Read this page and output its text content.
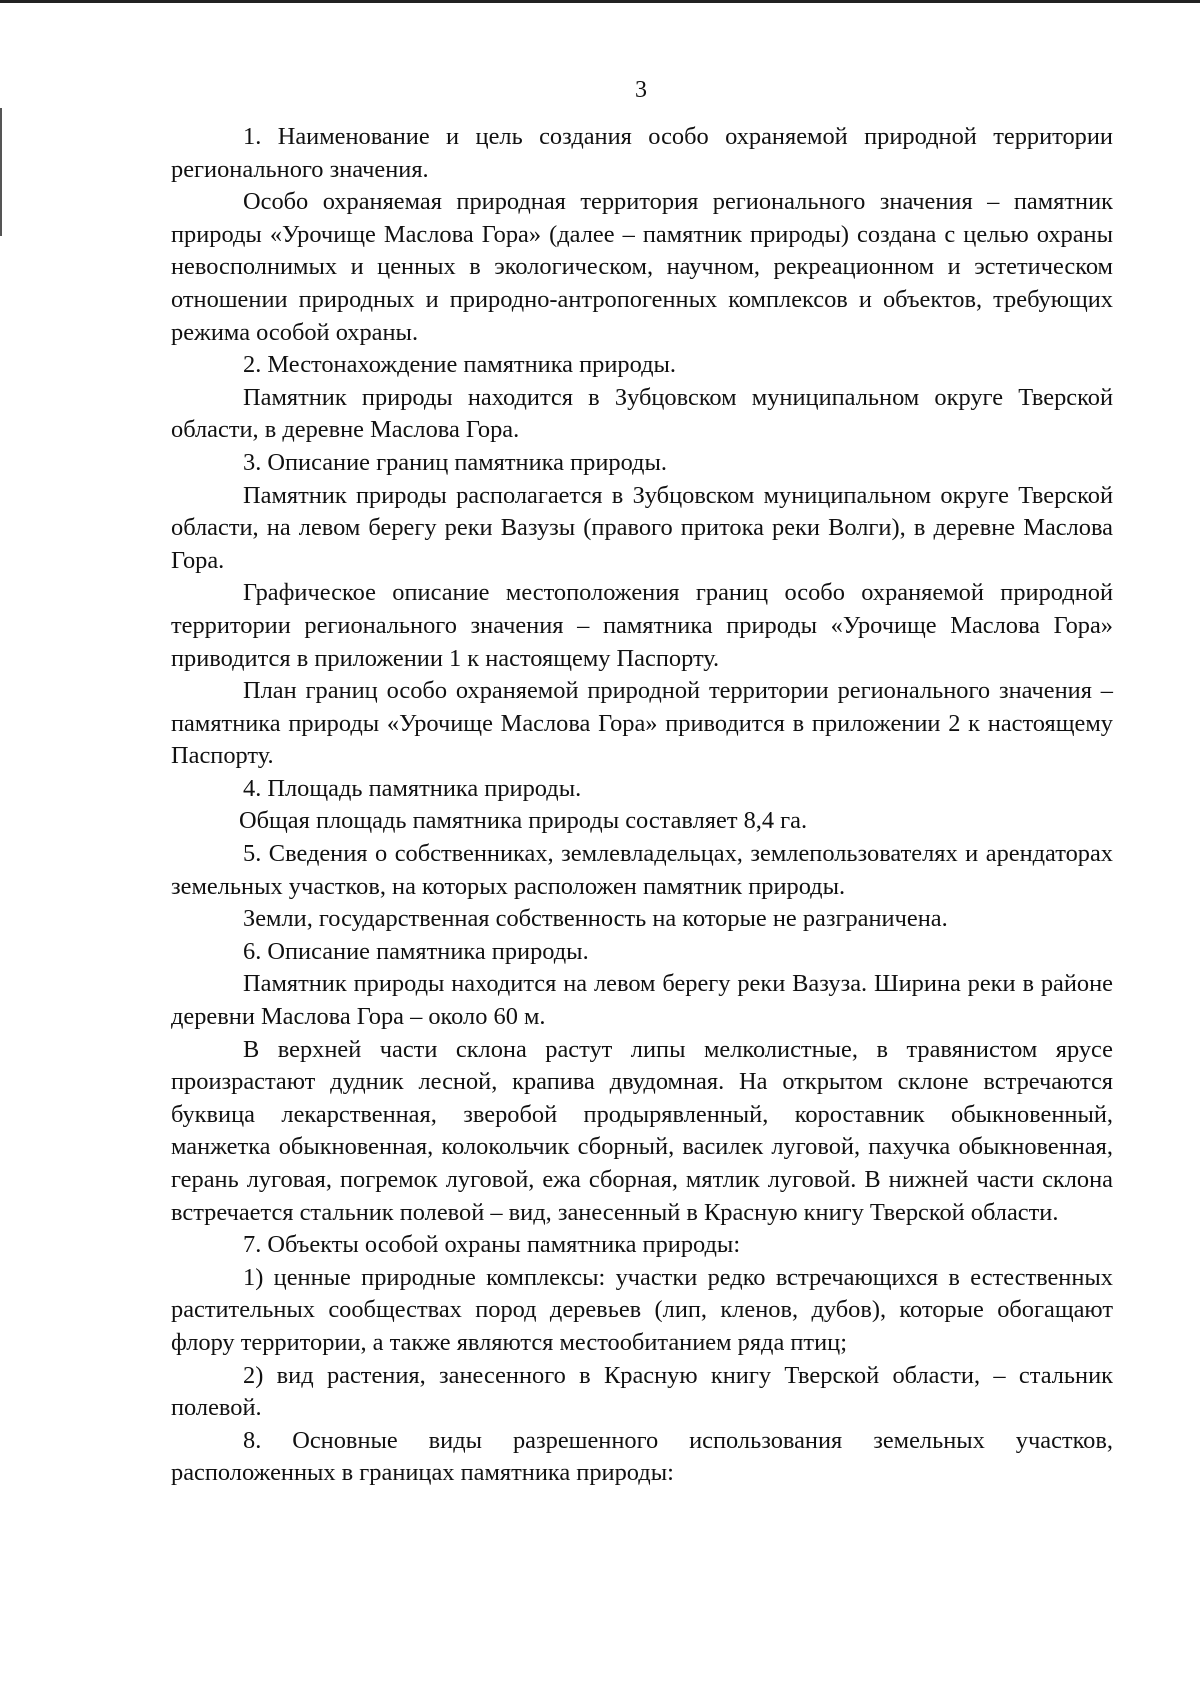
3

1. Наименование и цель создания особо охраняемой природной территории регионального значения.

Особо охраняемая природная территория регионального значения – памятник природы «Урочище Маслова Гора» (далее – памятник природы) создана с целью охраны невосполнимых и ценных в экологическом, научном, рекреационном и эстетическом отношении природных и природно-антропогенных комплексов и объектов, требующих режима особой охраны.

2. Местонахождение памятника природы.

Памятник природы находится в Зубцовском муниципальном округе Тверской области, в деревне Маслова Гора.

3. Описание границ памятника природы.

Памятник природы располагается в Зубцовском муниципальном округе Тверской области, на левом берегу реки Вазузы (правого притока реки Волги), в деревне Маслова Гора.

Графическое описание местоположения границ особо охраняемой природной территории регионального значения – памятника природы «Урочище Маслова Гора» приводится в приложении 1 к настоящему Паспорту.

План границ особо охраняемой природной территории регионального значения – памятника природы «Урочище Маслова Гора» приводится в приложении 2 к настоящему Паспорту.

4. Площадь памятника природы.

Общая площадь памятника природы составляет 8,4 га.

5. Сведения о собственниках, землевладельцах, землепользователях и арендаторах земельных участков, на которых расположен памятник природы.

Земли, государственная собственность на которые не разграничена.

6. Описание памятника природы.

Памятник природы находится на левом берегу реки Вазуза. Ширина реки в районе деревни Маслова Гора – около 60 м.

В верхней части склона растут липы мелколистные, в травянистом ярусе произрастают дудник лесной, крапива двудомная. На открытом склоне встречаются буквица лекарственная, зверобой продырявленный, короставник обыкновенный, манжетка обыкновенная, колокольчик сборный, василек луговой, пахучка обыкновенная, герань луговая, погремок луговой, ежа сборная, мятлик луговой. В нижней части склона встречается стальник полевой – вид, занесенный в Красную книгу Тверской области.

7. Объекты особой охраны памятника природы:

1) ценные природные комплексы: участки редко встречающихся в естественных растительных сообществах пород деревьев (лип, кленов, дубов), которые обогащают флору территории, а также являются местообитанием ряда птиц;

2) вид растения, занесенного в Красную книгу Тверской области, – стальник полевой.

8. Основные виды разрешенного использования земельных участков, расположенных в границах памятника природы:
